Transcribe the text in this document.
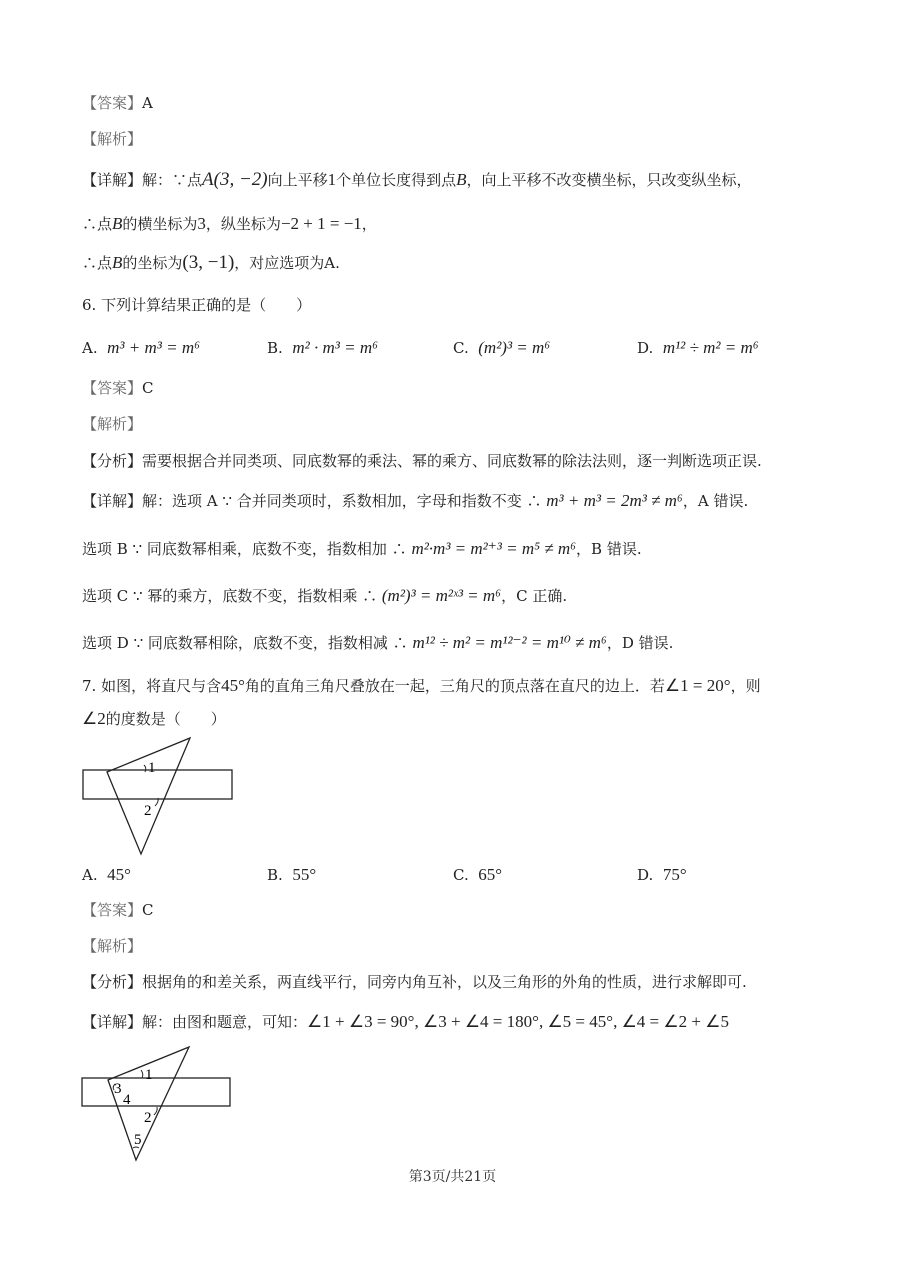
【答案】A
【解析】
【详解】解：∵点A(3, −2)向上平移1个单位长度得到点B，向上平移不改变横坐标，只改变纵坐标，
∴点B的横坐标为3，纵坐标为−2 + 1 = −1，
∴点B的坐标为(3, −1)，对应选项为A.
6. 下列计算结果正确的是（　　）
A. m³ + m³ = m⁶	B. m² · m³ = m⁶	C. (m²)³ = m⁶	D. m¹² ÷ m² = m⁶
【答案】C
【解析】
【分析】需要根据合并同类项、同底数幂的乘法、幂的乘方、同底数幂的除法法则，逐一判断选项正误.
【详解】解：选项 A ∵ 合并同类项时，系数相加，字母和指数不变 ∴ m³ + m³ = 2m³ ≠ m⁶，A 错误.
选项 B ∵ 同底数幂相乘，底数不变，指数相加 ∴ m²·m³ = m²⁺³ = m⁵ ≠ m⁶，B 错误.
选项 C ∵ 幂的乘方，底数不变，指数相乘 ∴ (m²)³ = m²ˣ³ = m⁶，C 正确.
选项 D ∵ 同底数幂相除，底数不变，指数相减 ∴ m¹² ÷ m² = m¹²⁻² = m¹⁰ ≠ m⁶，D 错误.
7. 如图，将直尺与含45°角的直角三角尺叠放在一起，三角尺的顶点落在直尺的边上．若∠1 = 20°，则
∠2的度数是（　　）
1
2
A. 45°	B. 55°	C. 65°	D. 75°
【答案】C
【解析】
【分析】根据角的和差关系，两直线平行，同旁内角互补，以及三角形的外角的性质，进行求解即可.
【详解】解：由图和题意，可知：∠1 + ∠3 = 90°, ∠3 + ∠4 = 180°, ∠5 = 45°, ∠4 = ∠2 + ∠5
1
3
4
2
5
第3页/共21页
